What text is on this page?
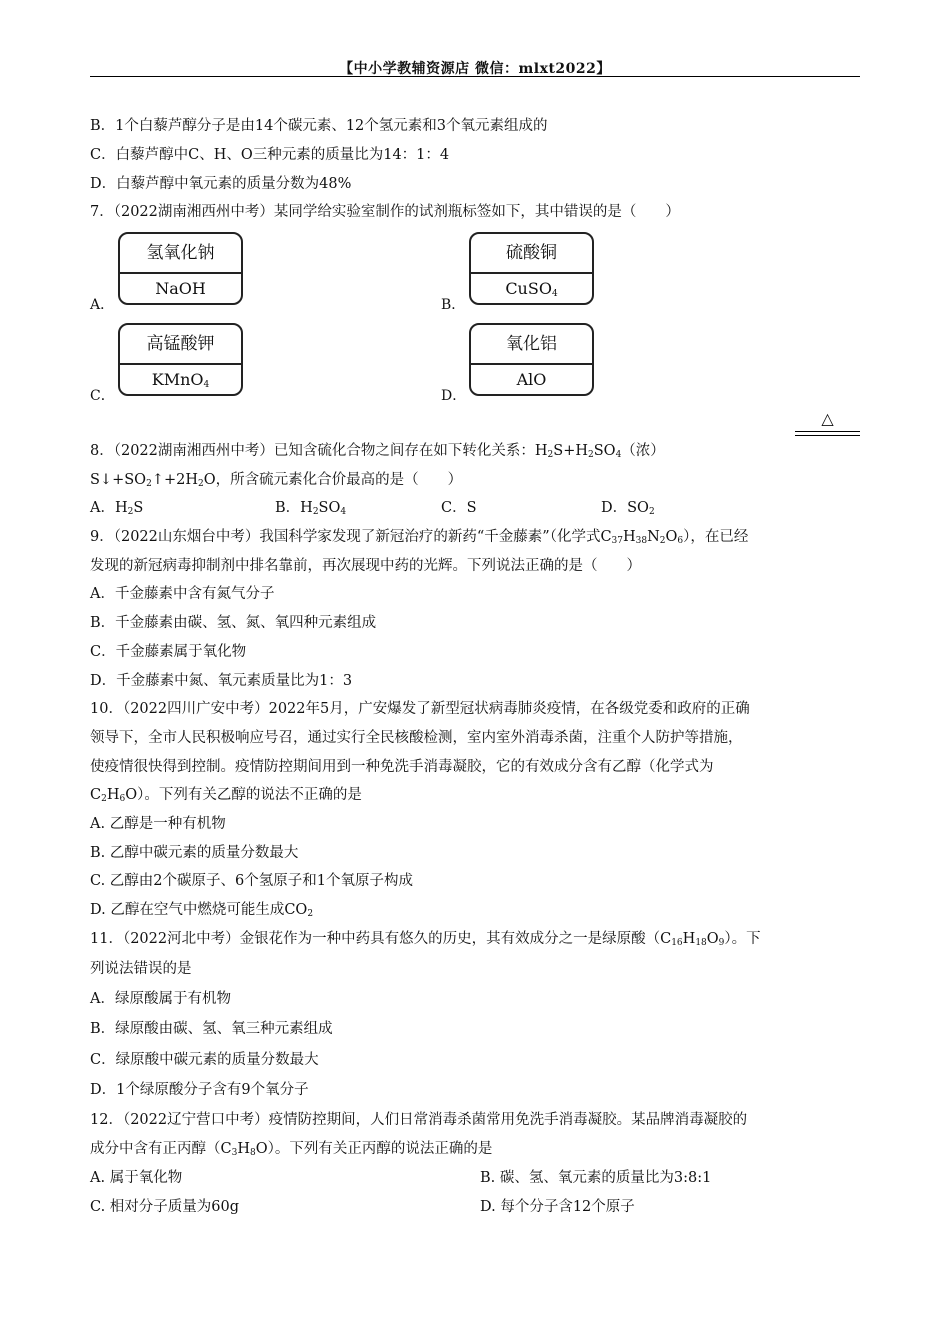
【中小学教辅资源店 微信：mlxt2022】
B．1个白藜芦醇分子是由14个碳元素、12个氢元素和3个氧元素组成的
C．白藜芦醇中C、H、O三种元素的质量比为14：1：4
D．白藜芦醇中氧元素的质量分数为48%
7．（2022湖南湘西州中考）某同学给实验室制作的试剂瓶标签如下，其中错误的是（　　）
A．
氢氧化钠
NaOH
B．
硫酸铜
CuSO$_4$
C．
高锰酸钾
KMnO$_4$
D．
氧化铝
AlO
△
8．（2022湖南湘西州中考）已知含硫化合物之间存在如下转化关系：$H_2S+H_2SO_4$（浓）
$S↓+SO_2↑+2H_2O$，所含硫元素化合价最高的是（　　）
A．$H_2S$	B．$H_2SO_4$	C．S	D．$SO_2$
9．（2022山东烟台中考）我国科学家发现了新冠治疗的新药“千金藤素”（化学式$C_{37}H_{38}N_2O_6$），在已经
发现的新冠病毒抑制剂中排名靠前，再次展现中药的光辉。下列说法正确的是（　　）
A．千金藤素中含有氮气分子
B．千金藤素由碳、氢、氮、氧四种元素组成
C．千金藤素属于氧化物
D．千金藤素中氮、氧元素质量比为1：3
10．（2022四川广安中考）2022年5月，广安爆发了新型冠状病毒肺炎疫情，在各级党委和政府的正确
领导下，全市人民积极响应号召，通过实行全民核酸检测，室内室外消毒杀菌，注重个人防护等措施，
使疫情很快得到控制。疫情防控期间用到一种免洗手消毒凝胶，它的有效成分含有乙醇（化学式为
$C_2H_6O$）。下列有关乙醇的说法不正确的是
A. 乙醇是一种有机物
B. 乙醇中碳元素的质量分数最大
C. 乙醇由2个碳原子、6个氢原子和1个氧原子构成
D. 乙醇在空气中燃烧可能生成$CO_2$
11．（2022河北中考）金银花作为一种中药具有悠久的历史，其有效成分之一是绿原酸$(C_{16}H_{18}O_9)$。下
列说法错误的是
A．绿原酸属于有机物
B．绿原酸由碳、氢、氧三种元素组成
C．绿原酸中碳元素的质量分数最大
D．1个绿原酸分子含有9个氧分子
12．（2022辽宁营口中考）疫情防控期间，人们日常消毒杀菌常用免洗手消毒凝胶。某品牌消毒凝胶的
成分中含有正丙醇$(C_3H_8O)$。下列有关正丙醇的说法正确的是
A. 属于氧化物	B. 碳、氢、氧元素的质量比为3:8:1
C. 相对分子质量为60g	D. 每个分子含12个原子
